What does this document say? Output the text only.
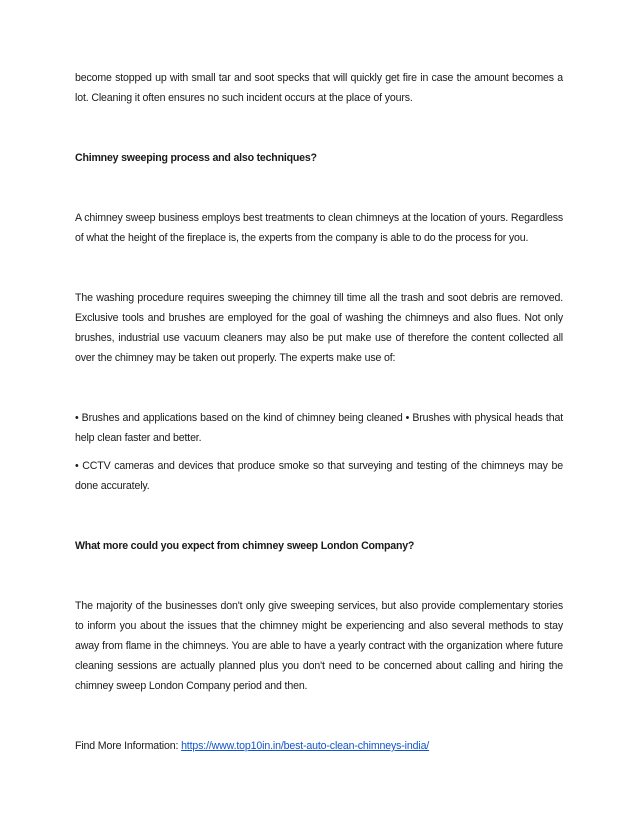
become stopped up with small tar and soot specks that will quickly get fire in case the amount becomes a lot. Cleaning it often ensures no such incident occurs at the place of yours.

Chimney sweeping process and also techniques?

A chimney sweep business employs best treatments to clean chimneys at the location of yours. Regardless of what the height of the fireplace is, the experts from the company is able to do the process for you.

The washing procedure requires sweeping the chimney till time all the trash and soot debris are removed. Exclusive tools and brushes are employed for the goal of washing the chimneys and also flues. Not only brushes, industrial use vacuum cleaners may also be put make use of therefore the content collected all over the chimney may be taken out properly. The experts make use of:

• Brushes and applications based on the kind of chimney being cleaned • Brushes with physical heads that help clean faster and better.

• CCTV cameras and devices that produce smoke so that surveying and testing of the chimneys may be done accurately.

What more could you expect from chimney sweep London Company?

The majority of the businesses don't only give sweeping services, but also provide complementary stories to inform you about the issues that the chimney might be experiencing and also several methods to stay away from flame in the chimneys. You are able to have a yearly contract with the organization where future cleaning sessions are actually planned plus you don't need to be concerned about calling and hiring the chimney sweep London Company period and then.

Find More Information: https://www.top10in.in/best-auto-clean-chimneys-india/
